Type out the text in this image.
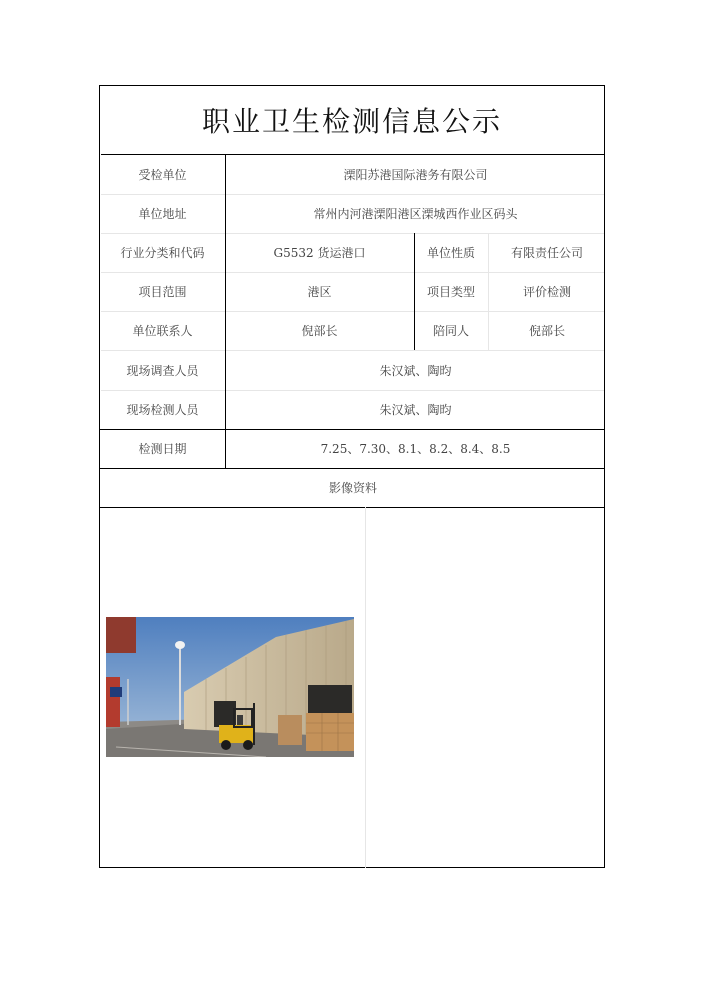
职业卫生检测信息公示
受检单位	溧阳苏港国际港务有限公司
单位地址	常州内河港溧阳港区溧城西作业区码头
行业分类和代码	G5532 货运港口	单位性质	有限责任公司
项目范围	港区	项目类型	评价检测
单位联系人	倪部长	陪同人	倪部长
现场调查人员	朱汉斌、陶昀
现场检测人员	朱汉斌、陶昀
检测日期	7.25、7.30、8.1、8.2、8.4、8.5
影像资料
